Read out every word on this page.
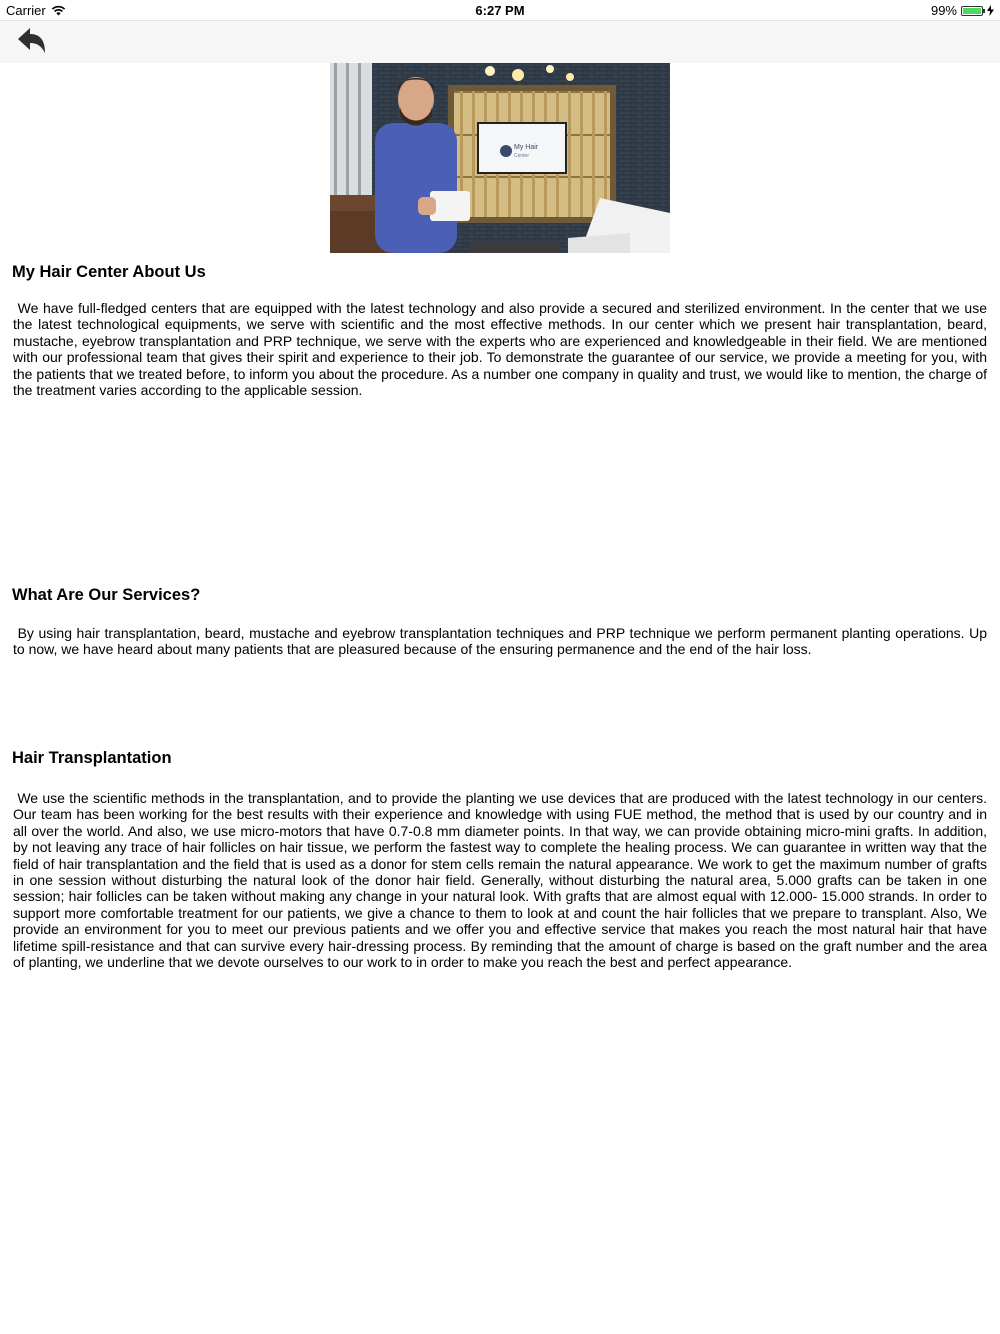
Carrier	6:27 PM	99%
My Hair
Center
My Hair Center About Us

We have full-fledged centers that are equipped with the latest technology and also provide a secured and sterilized environment. In the center that we use the latest technological equipments, we serve with scientific and the most effective methods. In our center which we present hair transplantation, beard, mustache, eyebrow transplantation and PRP technique, we serve with the experts who are experienced and knowledgeable in their field. We are mentioned with our professional team that gives their spirit and experience to their job. To demonstrate the guarantee of our service, we provide a meeting for you, with the patients that we treated before, to inform you about the procedure. As a number one company in quality and trust, we would like to mention, the charge of the treatment varies according to the applicable session.

What Are Our Services?

By using hair transplantation, beard, mustache and eyebrow transplantation techniques and PRP technique we perform permanent planting operations. Up to now, we have heard about many patients that are pleasured because of the ensuring permanence and the end of the hair loss.

Hair Transplantation

We use the scientific methods in the transplantation, and to provide the planting we use devices that are produced with the latest technology in our centers. Our team has been working for the best results with their experience and knowledge with using FUE method, the method that is used by our country and in all over the world. And also, we use micro-motors that have 0.7-0.8 mm diameter points. In that way, we can provide obtaining micro-mini grafts. In addition, by not leaving any trace of hair follicles on hair tissue, we perform the fastest way to complete the healing process. We can guarantee in written way that the field of hair transplantation and the field that is used as a donor for stem cells remain the natural appearance. We work to get the maximum number of grafts in one session without disturbing the natural look of the donor hair field. Generally, without disturbing the natural area, 5.000 grafts can be taken in one session; hair follicles can be taken without making any change in your natural look. With grafts that are almost equal with 12.000- 15.000 strands. In order to support more comfortable treatment for our patients, we give a chance to them to look at and count the hair follicles that we prepare to transplant. Also, We provide an environment for you to meet our previous patients and we offer you and effective service that makes you reach the most natural hair that have lifetime spill-resistance and that can survive every hair-dressing process. By reminding that the amount of charge is based on the graft number and the area of planting, we underline that we devote ourselves to our work to in order to make you reach the best and perfect appearance.
